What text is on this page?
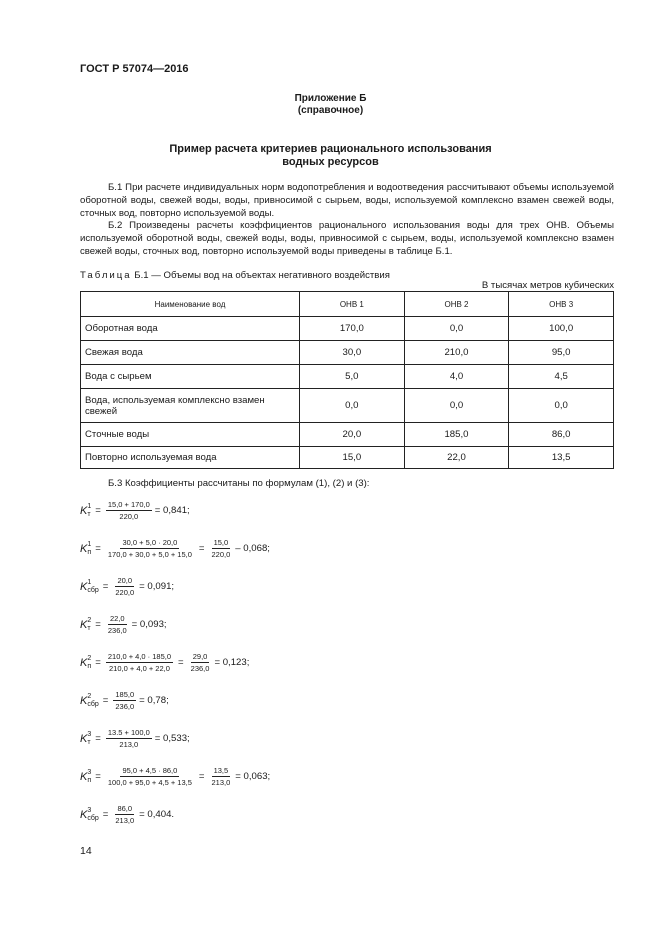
ГОСТ Р 57074—2016
Приложение Б
(справочное)
Пример расчета критериев рационального использования
водных ресурсов

Б.1 При расчете индивидуальных норм водопотребления и водоотведения рассчитывают объемы используемой оборотной воды, свежей воды, воды, привносимой с сырьем, воды, используемой комплексно взамен свежей воды, сточных вод, повторно используемой воды.

Б.2 Произведены расчеты коэффициентов рационального использования воды для трех ОНВ. Объемы используемой оборотной воды, свежей воды, воды, привносимой с сырьем, воды, используемой комплексно взамен свежей воды, сточных вод, повторно используемой воды приведены в таблице Б.1.

Таблица Б.1 — Объемы вод на объектах негативного воздействия
В тысячах метров кубических
Наименование вод	ОНВ 1	ОНВ 2	ОНВ 3
Оборотная вода	170,0	0,0	100,0
Свежая вода	30,0	210,0	95,0
Вода с сырьем	5,0	4,0	4,5
Вода, используемая комплексно взамен свежей	0,0	0,0	0,0
Сточные воды	20,0	185,0	86,0
Повторно используемая вода	15,0	22,0	13,5

Б.3 Коэффициенты рассчитаны по формулам (1), (2) и (3):

K 1
$т = \frac{15,0 + 170,0}{220,0} = 0,841$;
K 1
$п = \frac{30,0 + 5,0 \cdot 20,0}{170,0 + 30,0 + 5,0 + 15,0} = \frac{15,0}{220,0} - 0,068$;
K 1
сбр = $\frac{20,0}{220,0} = 0,091$;
K 2
$т = \frac{22,0}{236,0} = 0,093$;
K 2
$п = \frac{210,0 + 4,0 \cdot 185,0}{210,0 + 4,0 + 22,0} = \frac{29,0}{236,0} = 0,123$;
K 2
сбр = $\frac{185,0}{236,0} = 0,78$;
K 3
$т = \frac{13.5 + 100,0}{213,0} = 0,533$;
K 3
$п = \frac{95,0 + 4,5 \cdot 86,0}{100,0 + 95,0 + 4,5 + 13,5} = \frac{13,5}{213,0} = 0,063$;
K 3
сбр = $\frac{86,0}{213,0} = 0,404$.
14
